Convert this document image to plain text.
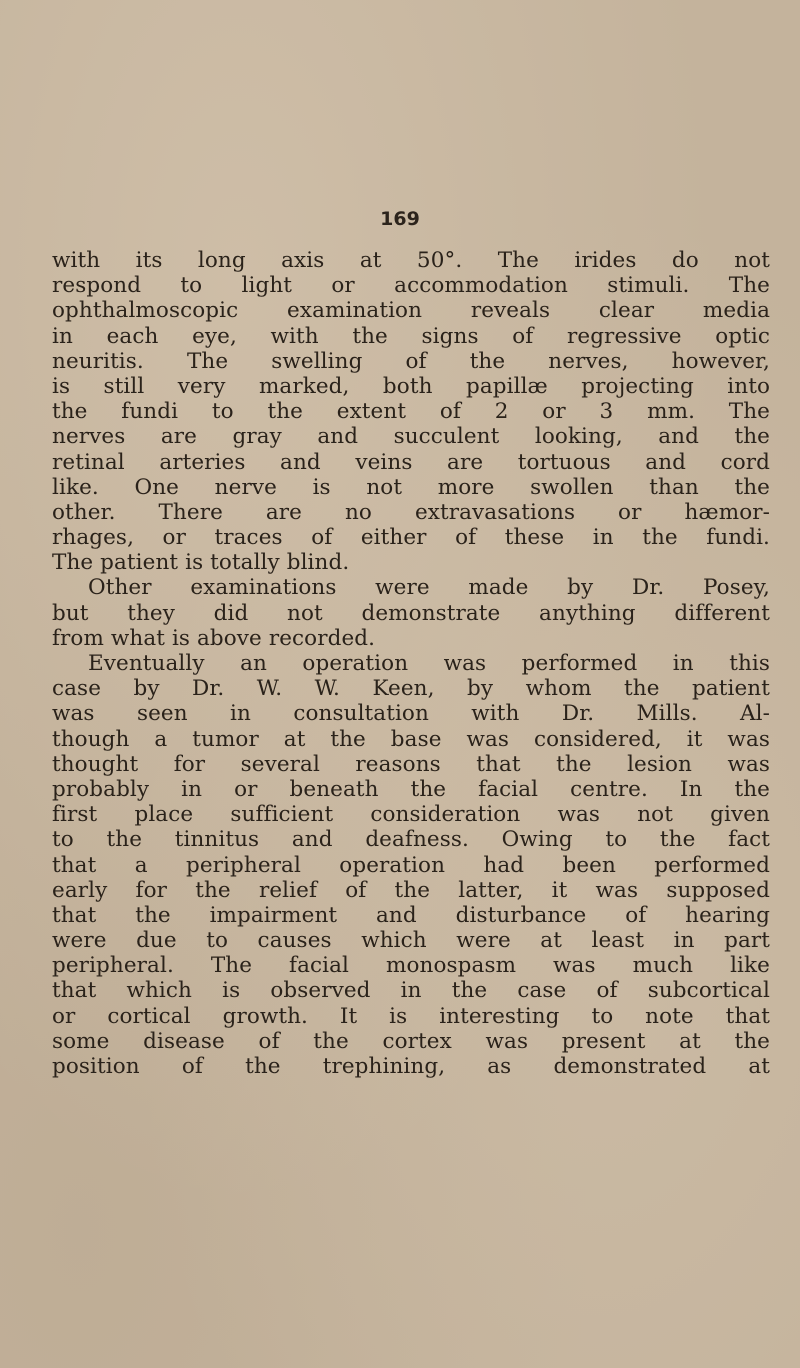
169
with its long axis at 50°. The irides do not
respond to light or accommodation stimuli. The
ophthalmoscopic examination reveals clear media
in each eye, with the signs of regressive optic
neuritis. The swelling of the nerves, however,
is still very marked, both papillæ projecting into
the fundi to the extent of 2 or 3 mm. The
nerves are gray and succulent looking, and the
retinal arteries and veins are tortuous and cord
like. One nerve is not more swollen than the
other. There are no extravasations or hæmor-
rhages, or traces of either of these in the fundi.
The patient is totally blind.
Other examinations were made by Dr. Posey,
but they did not demonstrate anything different
from what is above recorded.
Eventually an operation was performed in this
case by Dr. W. W. Keen, by whom the patient
was seen in consultation with Dr. Mills. Al-
though a tumor at the base was considered, it was
thought for several reasons that the lesion was
probably in or beneath the facial centre. In the
first place sufficient consideration was not given
to the tinnitus and deafness. Owing to the fact
that a peripheral operation had been performed
early for the relief of the latter, it was supposed
that the impairment and disturbance of hearing
were due to causes which were at least in part
peripheral. The facial monospasm was much like
that which is observed in the case of subcortical
or cortical growth. It is interesting to note that
some disease of the cortex was present at the
position of the trephining, as demonstrated at
